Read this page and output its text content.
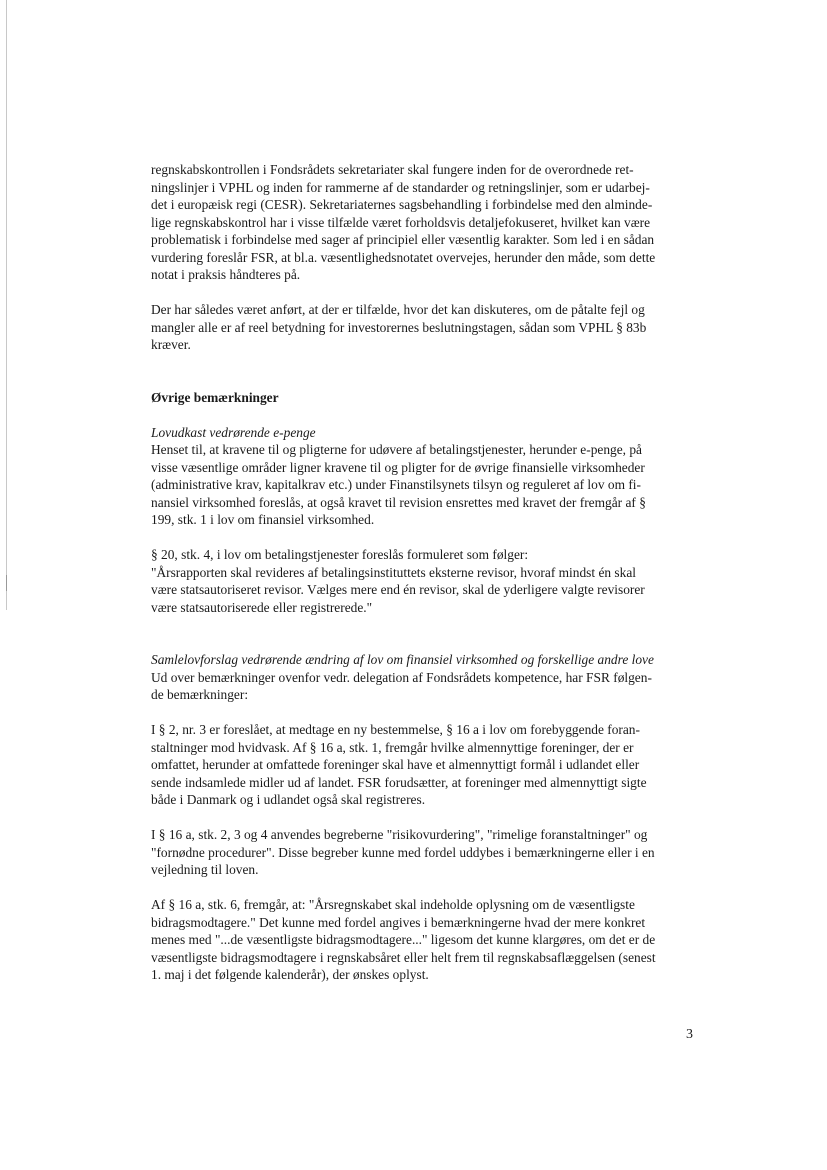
regnskabskontrollen i Fondsrådets sekretariater skal fungere inden for de overordnede ret-
ningslinjer i VPHL og inden for rammerne af de standarder og retningslinjer, som er udarbej-
det i europæisk regi (CESR). Sekretariaternes sagsbehandling i forbindelse med den alminde-
lige regnskabskontrol har i visse tilfælde været forholdsvis detaljefokuseret, hvilket kan være
problematisk i forbindelse med sager af principiel eller væsentlig karakter. Som led i en sådan
vurdering foreslår FSR, at bl.a. væsentlighedsnotatet overvejes, herunder den måde, som dette
notat i praksis håndteres på.

Der har således været anført, at der er tilfælde, hvor det kan diskuteres, om de påtalte fejl og
mangler alle er af reel betydning for investorernes beslutningstagen, sådan som VPHL § 83b
kræver.

Øvrige bemærkninger

Lovudkast vedrørende e-penge

Henset til, at kravene til og pligterne for udøvere af betalingstjenester, herunder e-penge, på
visse væsentlige områder ligner kravene til og pligter for de øvrige finansielle virksomheder
(administrative krav, kapitalkrav etc.) under Finanstilsynets tilsyn og reguleret af lov om fi-
nansiel virksomhed foreslås, at også kravet til revision ensrettes med kravet der fremgår af §
199, stk. 1 i lov om finansiel virksomhed.

§ 20, stk. 4, i lov om betalingstjenester foreslås formuleret som følger:
"Årsrapporten skal revideres af betalingsinstituttets eksterne revisor, hvoraf mindst én skal
være statsautoriseret revisor. Vælges mere end én revisor, skal de yderligere valgte revisorer
være statsautoriserede eller registrerede."

Samlelovforslag vedrørende ændring af lov om finansiel virksomhed og forskellige andre love

Ud over bemærkninger ovenfor vedr. delegation af Fondsrådets kompetence, har FSR følgen-
de bemærkninger:

I § 2, nr. 3 er foreslået, at medtage en ny bestemmelse, § 16 a i lov om forebyggende foran-
staltninger mod hvidvask. Af § 16 a, stk. 1, fremgår hvilke almennyttige foreninger, der er
omfattet, herunder at omfattede foreninger skal have et almennyttigt formål i udlandet eller
sende indsamlede midler ud af landet. FSR forudsætter, at foreninger med almennyttigt sigte
både i Danmark og i udlandet også skal registreres.

I § 16 a, stk. 2, 3 og 4 anvendes begreberne "risikovurdering", "rimelige foranstaltninger" og
"fornødne procedurer". Disse begreber kunne med fordel uddybes i bemærkningerne eller i en
vejledning til loven.

Af § 16 a, stk. 6, fremgår, at: "Årsregnskabet skal indeholde oplysning om de væsentligste
bidragsmodtagere." Det kunne med fordel angives i bemærkningerne hvad der mere konkret
menes med "...de væsentligste bidragsmodtagere..." ligesom det kunne klargøres, om det er de
væsentligste bidragsmodtagere i regnskabsåret eller helt frem til regnskabsaflæggelsen (senest
1. maj i det følgende kalenderår), der ønskes oplyst.

3
